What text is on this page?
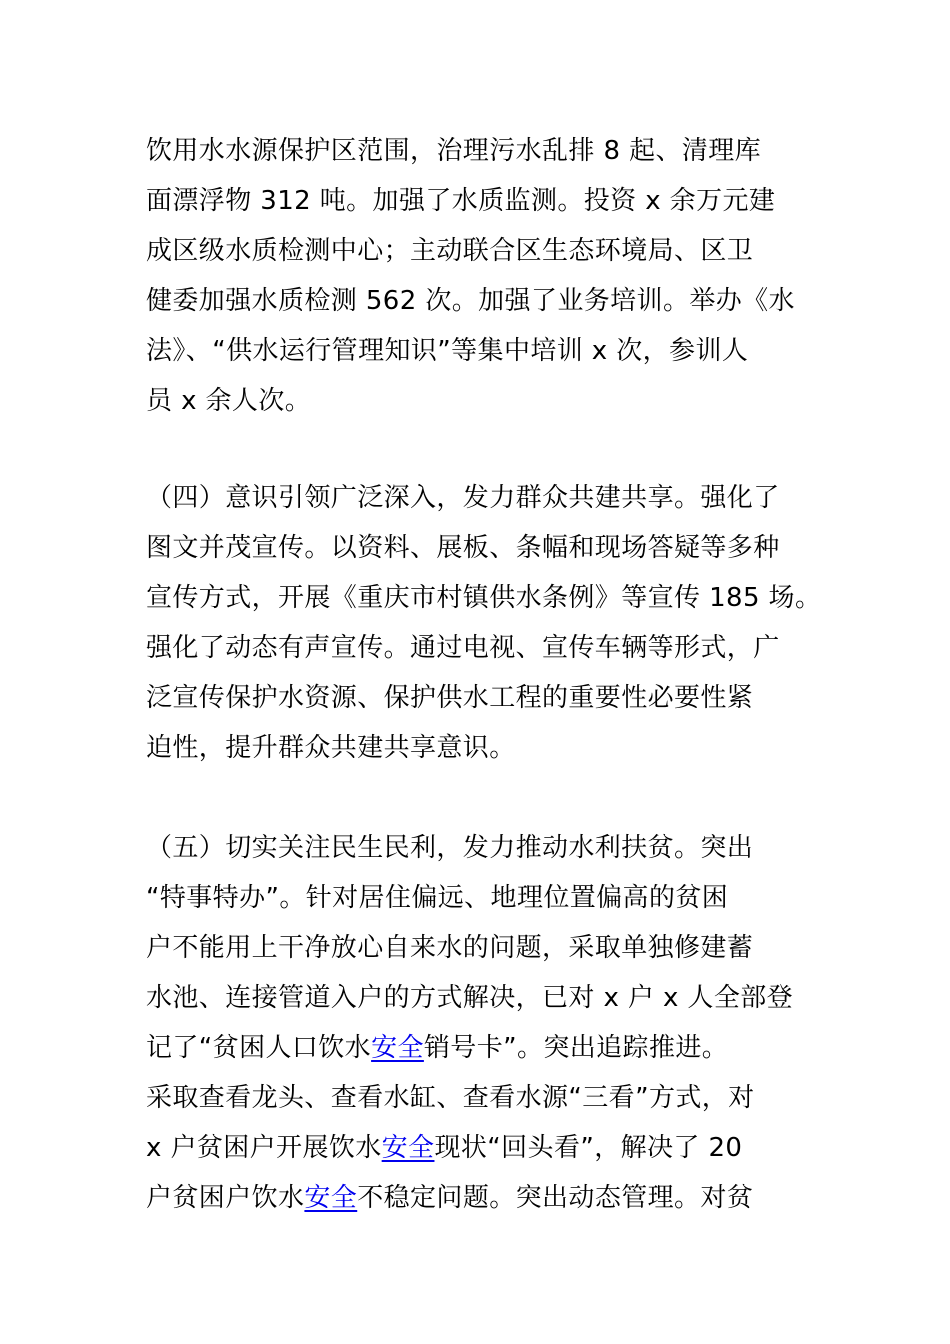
饮用水水源保护区范围，治理污水乱排 8 起、清理库
面漂浮物 312 吨。加强了水质监测。投资 x 余万元建
成区级水质检测中心；主动联合区生态环境局、区卫
健委加强水质检测 562 次。加强了业务培训。举办《水
法》、“供水运行管理知识”等集中培训 x 次，参训人
员 x 余人次。
（四）意识引领广泛深入，发力群众共建共享。强化了
图文并茂宣传。以资料、展板、条幅和现场答疑等多种
宣传方式，开展《重庆市村镇供水条例》等宣传 185 场。
强化了动态有声宣传。通过电视、宣传车辆等形式，广
泛宣传保护水资源、保护供水工程的重要性必要性紧
迫性，提升群众共建共享意识。
（五）切实关注民生民利，发力推动水利扶贫。突出
“特事特办”。针对居住偏远、地理位置偏高的贫困
户不能用上干净放心自来水的问题，采取单独修建蓄
水池、连接管道入户的方式解决，已对 x 户 x 人全部登
记了“贫困人口饮水安全销号卡”。突出追踪推进。
采取查看龙头、查看水缸、查看水源“三看”方式，对
x 户贫困户开展饮水安全现状“回头看”，解决了 20
户贫困户饮水安全不稳定问题。突出动态管理。对贫
